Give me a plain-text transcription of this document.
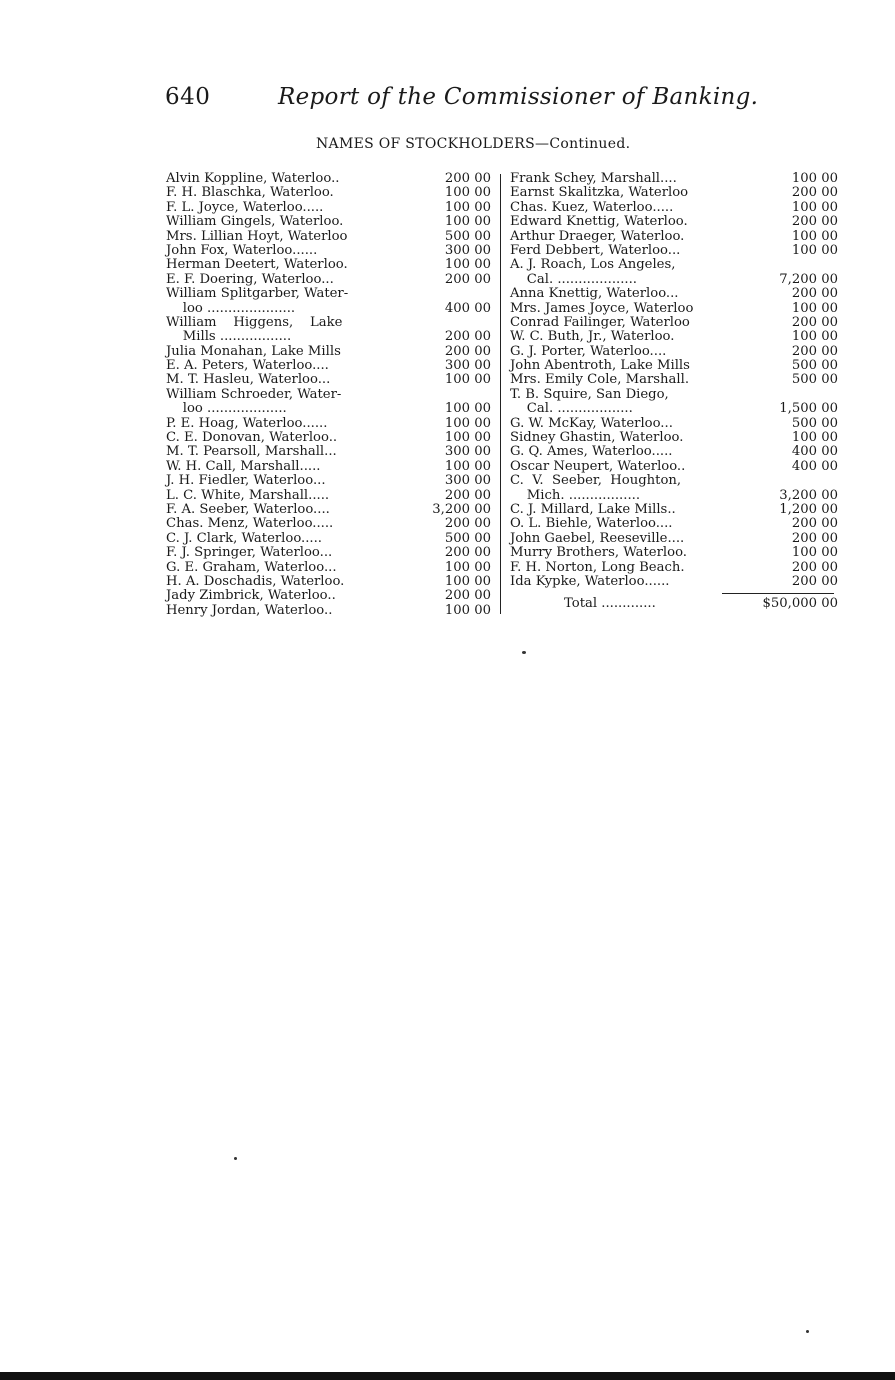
640	Report of the Commissioner of Banking.
NAMES OF STOCKHOLDERS—Continued.
Alvin Koppline, Waterloo..	200 00
F. H. Blaschka, Waterloo.	100 00
F. L. Joyce, Waterloo.....	100 00
William Gingels, Waterloo.	100 00
Mrs. Lillian Hoyt, Waterloo	500 00
John Fox, Waterloo......	300 00
Herman Deetert, Waterloo.	100 00
E. F. Doering, Waterloo...	200 00
William Splitgarber, Water-
loo .....................	400 00
William    Higgens,    Lake
Mills .................	200 00
Julia Monahan, Lake Mills	200 00
E. A. Peters, Waterloo....	300 00
M. T. Hasleu, Waterloo...	100 00
William Schroeder, Water-
loo ...................	100 00
P. E. Hoag, Waterloo......	100 00
C. E. Donovan, Waterloo..	100 00
M. T. Pearsoll, Marshall...	300 00
W. H. Call, Marshall.....	100 00
J. H. Fiedler, Waterloo...	300 00
L. C. White, Marshall.....	200 00
F. A. Seeber, Waterloo....	3,200 00
Chas. Menz, Waterloo.....	200 00
C. J. Clark, Waterloo.....	500 00
F. J. Springer, Waterloo...	200 00
G. E. Graham, Waterloo...	100 00
H. A. Doschadis, Waterloo.	100 00
Jady Zimbrick, Waterloo..	200 00
Henry Jordan, Waterloo..	100 00
Frank Schey, Marshall....	100 00
Earnst Skalitzka, Waterloo	200 00
Chas. Kuez, Waterloo.....	100 00
Edward Knettig, Waterloo.	200 00
Arthur Draeger, Waterloo.	100 00
Ferd Debbert, Waterloo...	100 00
A. J. Roach, Los Angeles,
Cal. ...................	7,200 00
Anna Knettig, Waterloo...	200 00
Mrs. James Joyce, Waterloo	100 00
Conrad Failinger, Waterloo	200 00
W. C. Buth, Jr., Waterloo.	100 00
G. J. Porter, Waterloo....	200 00
John Abentroth, Lake Mills	500 00
Mrs. Emily Cole, Marshall.	500 00
T. B. Squire, San Diego,
Cal. ..................	1,500 00
G. W. McKay, Waterloo...	500 00
Sidney Ghastin, Waterloo.	100 00
G. Q. Ames, Waterloo.....	400 00
Oscar Neupert, Waterloo..	400 00
C.  V.  Seeber,  Houghton,
Mich. .................	3,200 00
C. J. Millard, Lake Mills..	1,200 00
O. L. Biehle, Waterloo....	200 00
John Gaebel, Reeseville....	200 00
Murry Brothers, Waterloo.	100 00
F. H. Norton, Long Beach.	200 00
Ida Kypke, Waterloo......	200 00
Total .............	$50,000 00
